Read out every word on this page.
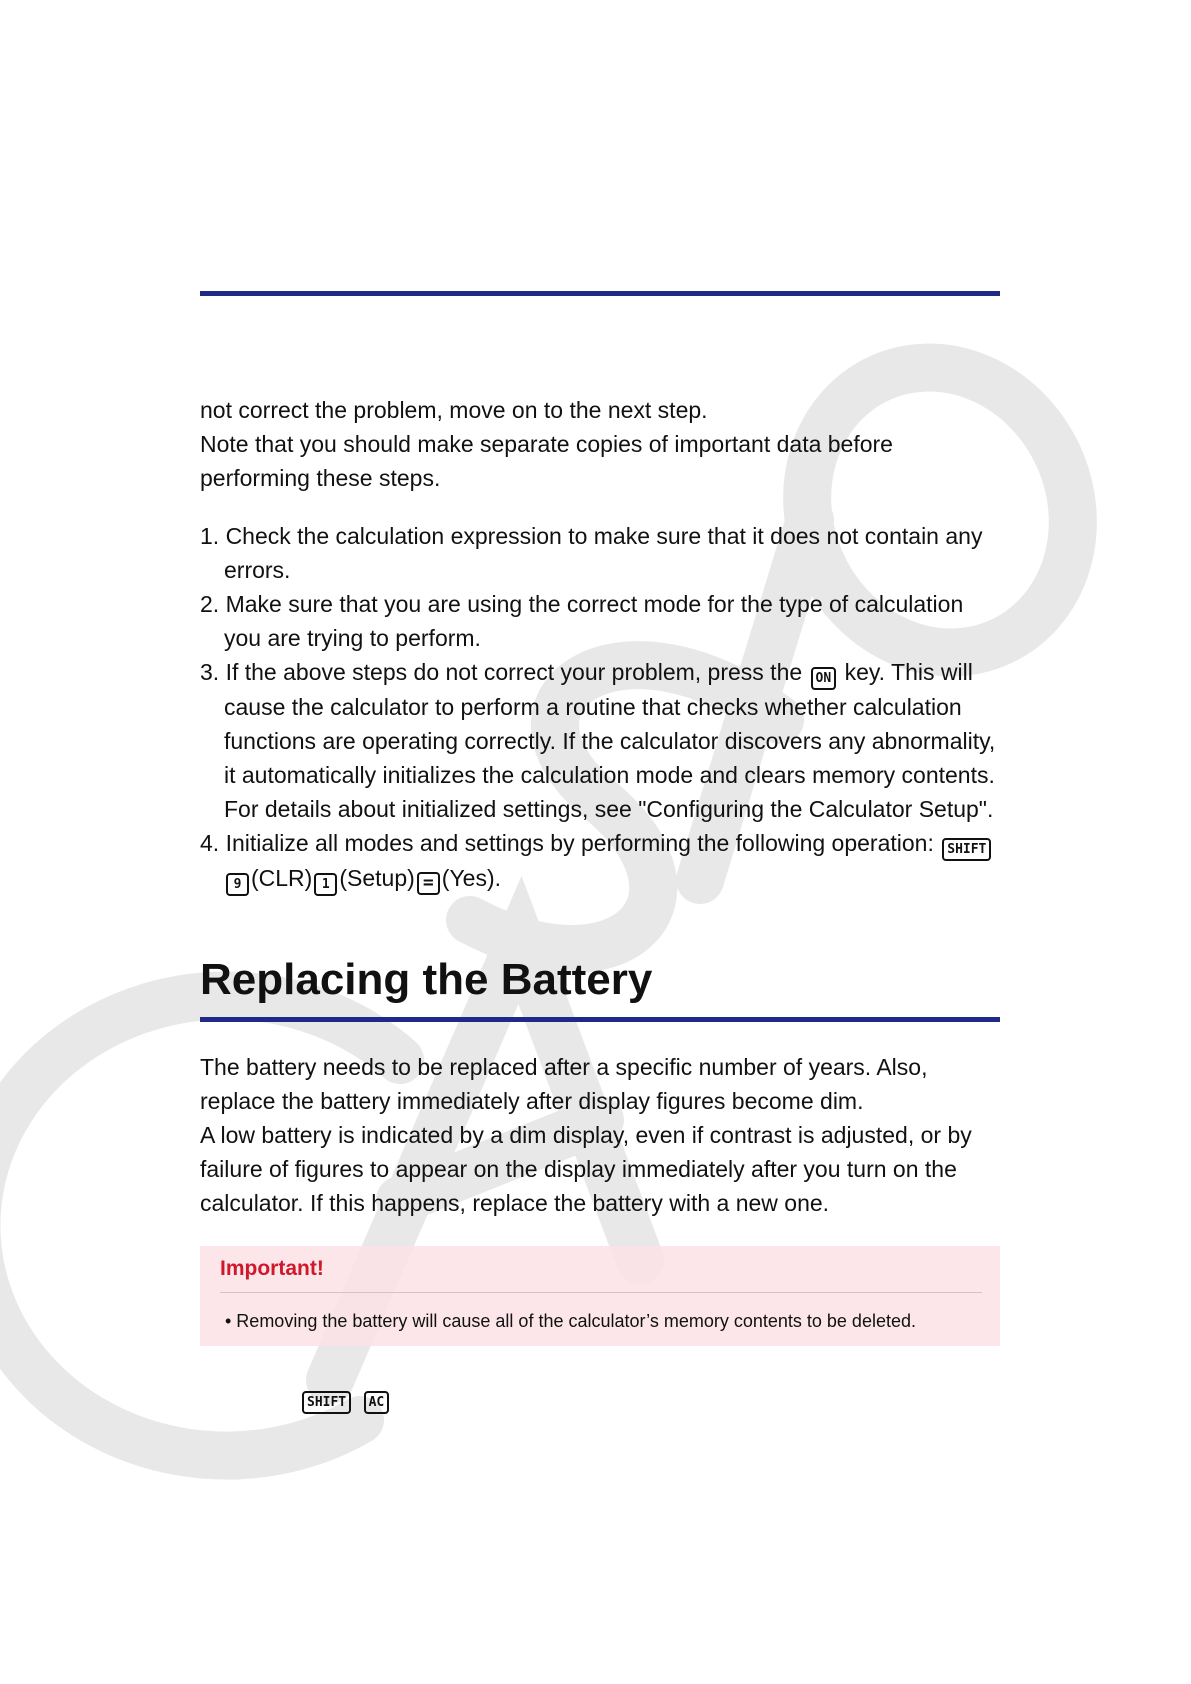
not correct the problem, move on to the next step.

Note that you should make separate copies of important data before performing these steps.

1. Check the calculation expression to make sure that it does not contain any errors.
2. Make sure that you are using the correct mode for the type of calculation you are trying to perform.
3. If the above steps do not correct your problem, press the ON key. This will cause the calculator to perform a routine that checks whether calculation functions are operating correctly. If the calculator discovers any abnormality, it automatically initializes the calculation mode and clears memory contents. For details about initialized settings, see "Configuring the Calculator Setup".
4. Initialize all modes and settings by performing the following operation: SHIFT9 (CLR) 1 (Setup) = (Yes).
Replacing the Battery

The battery needs to be replaced after a specific number of years. Also, replace the battery immediately after display figures become dim.

A low battery is indicated by a dim display, even if contrast is adjusted, or by failure of figures to appear on the display immediately after you turn on the calculator. If this happens, replace the battery with a new one.

Important!
• Removing the battery will cause all of the calculator’s memory contents to be deleted.
SHIFT AC
